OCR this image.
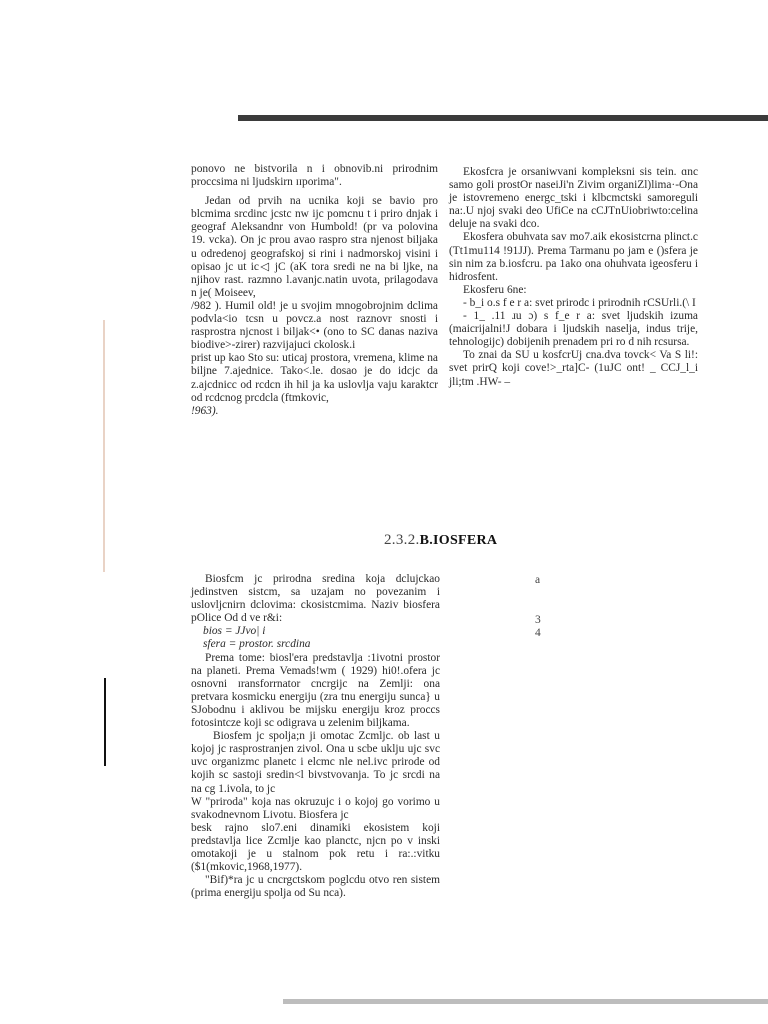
ponovo ne bistvorila n i obnovib.ni prirodnim proccsima ni ljudskirn ɪɪporima".

Jedan od prvih na ucnika koji se bavio pro blcmima srcdinc jcstc nw ijc pomcnu t i priro dnjak i geograf Aleksandnr von Humbold! (pr va polovina 19. vcka). On jc prou avao raspro stra njenost biljaka u odredenoj geografskoj si rini i nadmorskoj visini i opisao jc ut ic◁ jC (aK tora sredi ne na bi ljke, na njihov rast. razmno l.avanjc.natin uvota, prilagodava n je( Moiseev,

/982 ). Humil old! je u svojim mnogobrojnim dclima podvla<io tcsn u povcz.a nost raznovr snosti i rasprostra njcnost i biljak<• (ono to SC danas naziva biodive>-zirer) razvijajuci ckolosk.i

prist up kao Sto su: uticaj prostora, vremena, klime na biljne 7.ajednice. Tako<.le. dosao je do idcjc da z.ajcdnicc od rcdcn ih hil ja ka uslovlja vaju karaktcr od rcdcnog prcdcla (ftmkovic,

!963).

Ekosfcra je orsaniwvani kompleksni sis tein. ɑnc samo goli prostOr naseiJi'n Zivim organiZl)lima·-Ona je istovremeno energc_tski i klbcmctski samoreguli na:.U njoj svaki deo UfiCe na cCJTnUiobriwto:celina deluje na svaki dco.

Ekosfera obuhvata sav mo7.aik ekosistcrna plinct.c (Tt1mu114 !91JJ). Prema Tarmanu po jam e ()sfera je sin nim za b.iosfcru. pa 1ako ona ohuhvata igeosferu i hidrosfent.

Ekosferu 6ne:

- b_i o.s f e r a: svet prirodc i prirodnih rCSUrli.(\ I

- 1_ .11 ɹu ɔ) s f_e r a: svet ljudskih izuma (maicrijalni!J dobara i ljudskih naselja, indus trije, tehnologijc) dobijenih prenadem pri ro d nih rcsursa.

To znai da SU u kosfcrUj cna.dva tovck< Va S li!: svet prirQ koji cove!>_rta]C- (1uJC ont! _ CCJ_l_i jli;tm .HW- –

2.3.2.B.IOSFERA
a
3
4

Biosfcm jc prirodna sredina koja dclujckao jedinstven sistcm, sa uzajam no povezanim i uslovljcnirn dclovima: ckosistcmima. Naziv biosfera pOlice Od d ve r&i:

bios = JJvo| i

sfera = prostor. srcdina

Prema tome: biosl'era predstavlja :1ivotni prostor na planeti. Prema Vemads!wm ( 1929) hi0!.ofera jc osnovni ɪransforrnator cncrgijc na Zemlji: ona pretvara kosmicku energiju (zra tnu energiju sunca} u SJobodnu i aklivou be mijsku energiju kroz proccs fotosintcze koji sc odigrava u zelenim biljkama.

Biosfem jc spolja;n ji omotac Zcmljc. ob last u kojoj jc rasprostranjen zivol. Ona u scbe uklju ujc svc uvc organizmc planetc i elcmc nle nel.ivc prirode od kojih sc sastoji sredin<l bivstvovanja. To jc srcdi na na cg 1.ivola, to jc

W "priroda" koja nas okruzujc i o kojoj go vorimo u svakodnevnom Livotu. Biosfera jc

besk rajno slo7.eni dinamiki ekosistem koji predstavlja lice Zcmlje kao planctc, njcn po v inski omotakoji je u stalnom pok retu i ra:.:vitku ($1(mkovic,1968,1977).

"Bif)*ra jc u cncrgctskom poglcdu otvo ren sistem (prima energiju spolja od Su nca).
